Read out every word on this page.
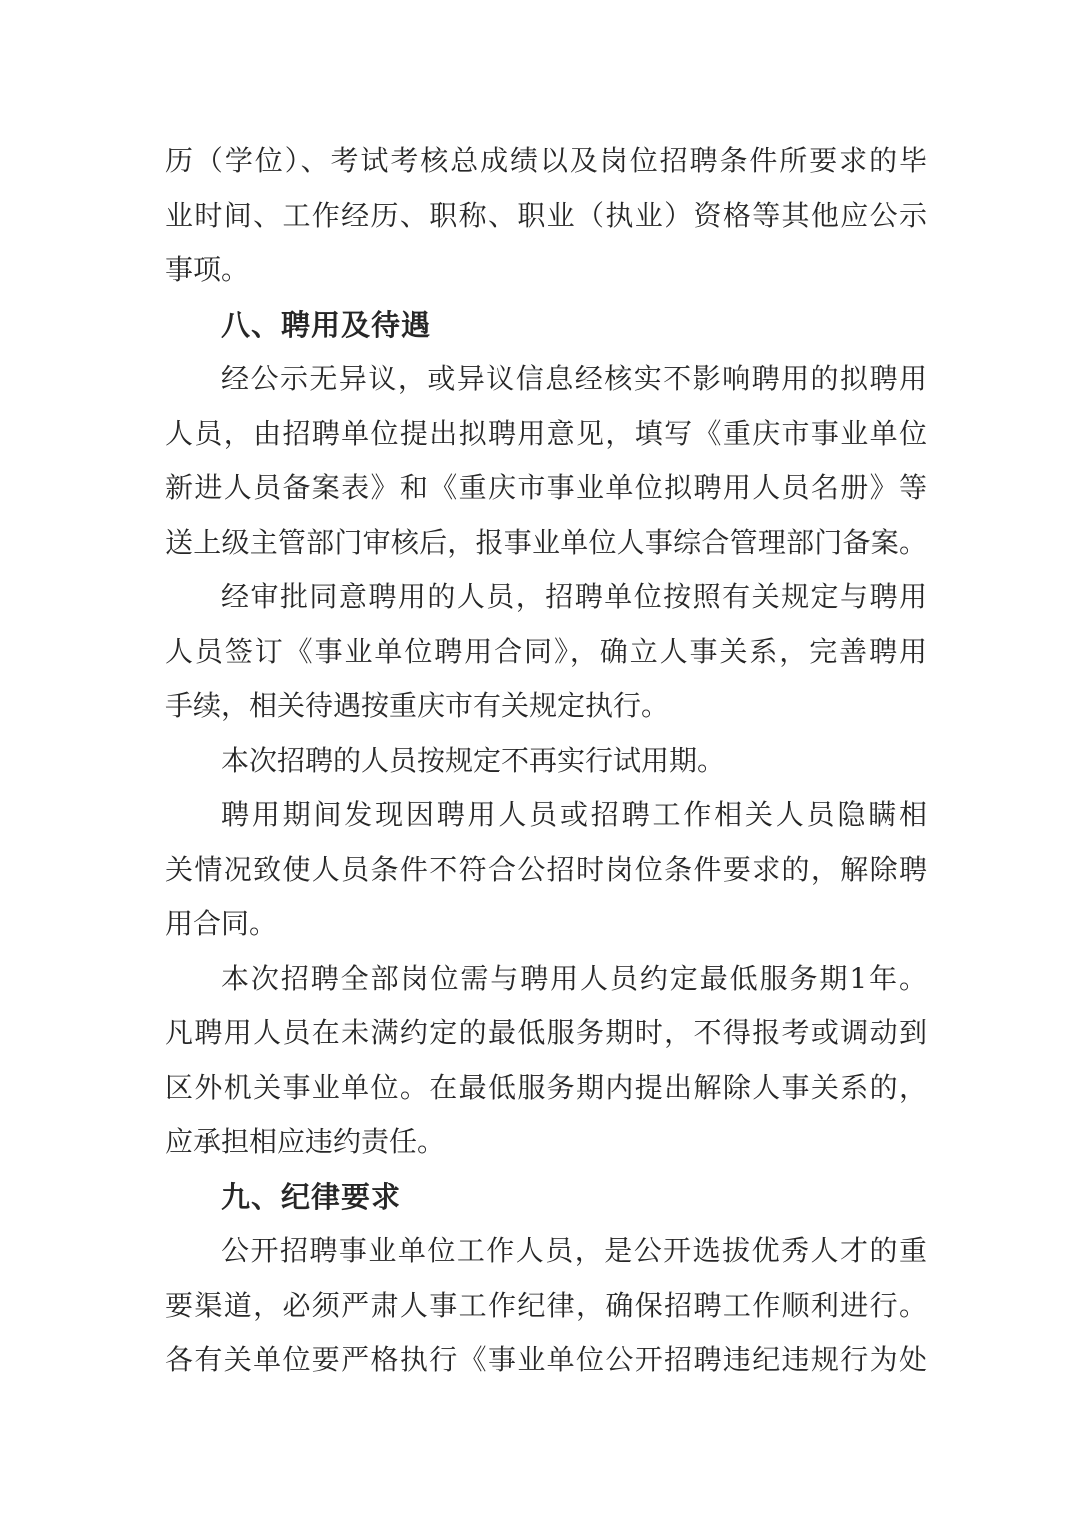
历（学位）、考试考核总成绩以及岗位招聘条件所要求的毕
业时间、工作经历、职称、职业（执业）资格等其他应公示
事项。
八、聘用及待遇
经公示无异议，或异议信息经核实不影响聘用的拟聘用
人员，由招聘单位提出拟聘用意见，填写《重庆市事业单位
新进人员备案表》和《重庆市事业单位拟聘用人员名册》等
送上级主管部门审核后，报事业单位人事综合管理部门备案。
经审批同意聘用的人员，招聘单位按照有关规定与聘用
人员签订《事业单位聘用合同》，确立人事关系，完善聘用
手续，相关待遇按重庆市有关规定执行。
本次招聘的人员按规定不再实行试用期。
聘用期间发现因聘用人员或招聘工作相关人员隐瞒相
关情况致使人员条件不符合公招时岗位条件要求的，解除聘
用合同。
本次招聘全部岗位需与聘用人员约定最低服务期1年。
凡聘用人员在未满约定的最低服务期时，不得报考或调动到
区外机关事业单位。在最低服务期内提出解除人事关系的，
应承担相应违约责任。
九、纪律要求
公开招聘事业单位工作人员，是公开选拔优秀人才的重
要渠道，必须严肃人事工作纪律，确保招聘工作顺利进行。
各有关单位要严格执行《事业单位公开招聘违纪违规行为处
